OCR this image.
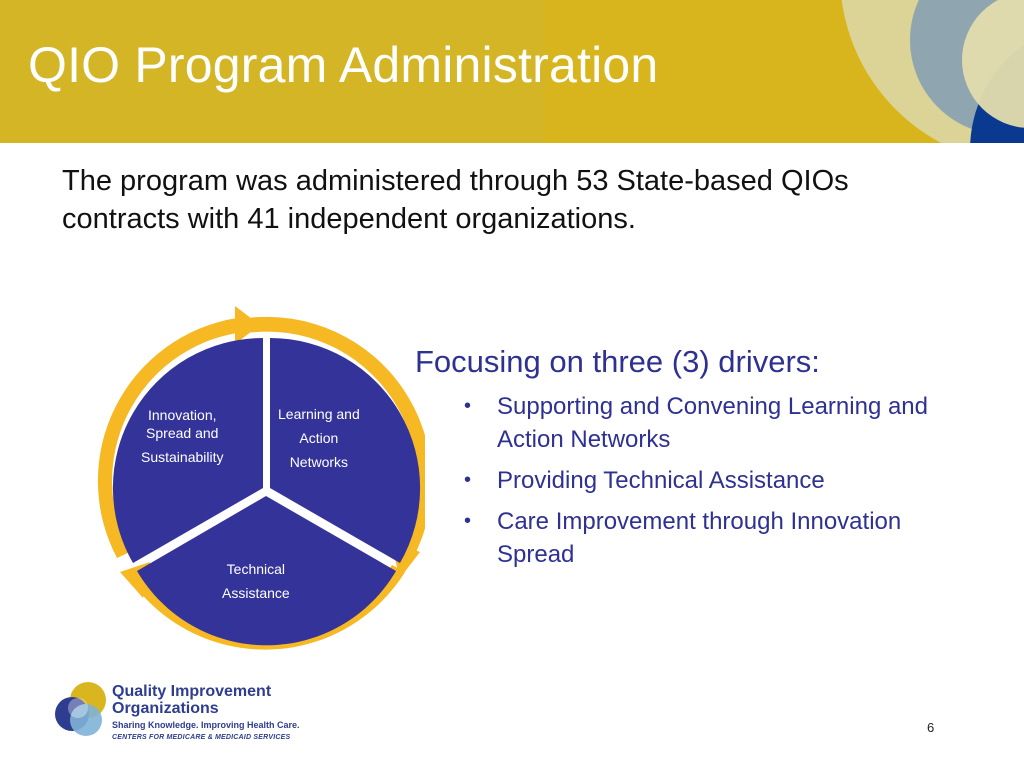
QIO Program Administration
The program was administered through 53 State-based QIOs contracts with 41 independent organizations.
Innovation,
Spread and
Sustainability
Learning and
Action
Networks
Technical
Assistance
Focusing on three (3) drivers:
• Supporting and Convening Learning and Action Networks
• Providing Technical Assistance
• Care Improvement through Innovation Spread
Quality Improvement Organizations
Sharing Knowledge. Improving Health Care.
CENTERS FOR MEDICARE & MEDICAID SERVICES
6
